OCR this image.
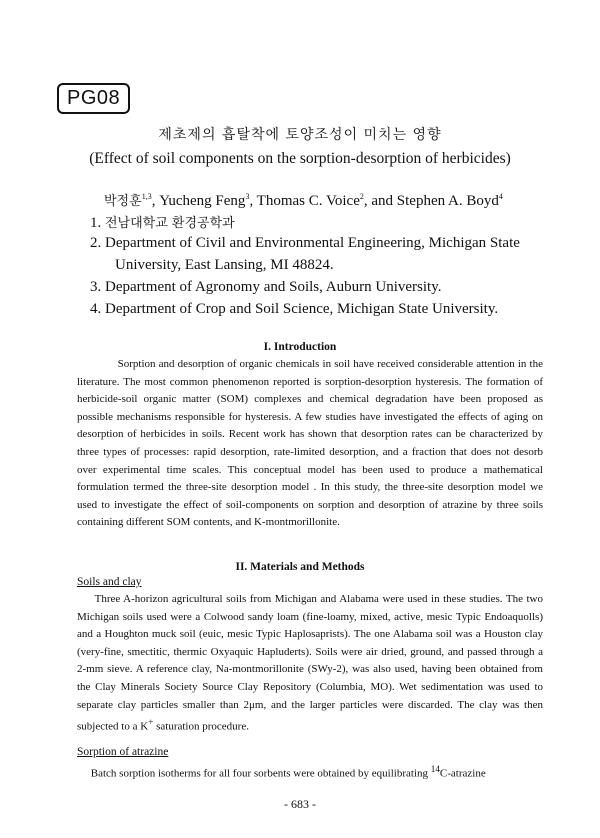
PG08
제초제의 흡탈착에 토양조성이 미치는 영향
(Effect of soil components on the sorption-desorption of herbicides)
박정훈$^{1,3}$, Yucheng Feng$^3$, Thomas C. Voice$^2$, and Stephen A. Boyd$^4$
1. 전남대학교 환경공학과
2. Department of Civil and Environmental Engineering, Michigan State
University, East Lansing, MI 48824.
3. Department of Agronomy and Soils, Auburn University.
4. Department of Crop and Soil Science, Michigan State University.
I. Introduction

Sorption and desorption of organic chemicals in soil have received considerable attention in the literature. The most common phenomenon reported is sorption-desorption hysteresis. The formation of herbicide-soil organic matter (SOM) complexes and chemical degradation have been proposed as possible mechanisms responsible for hysteresis. A few studies have investigated the effects of aging on desorption of herbicides in soils. Recent work has shown that desorption rates can be characterized by three types of processes: rapid desorption, rate-limited desorption, and a fraction that does not desorb over experimental time scales. This conceptual model has been used to produce a mathematical formulation termed the three-site desorption model . In this study, the three-site desorption model we used to investigate the effect of soil-components on sorption and desorption of atrazine by three soils containing different SOM contents, and K-montmorillonite.

II. Materials and Methods
Soils and clay

Three A-horizon agricultural soils from Michigan and Alabama were used in these studies. The two Michigan soils used were a Colwood sandy loam (fine-loamy, mixed, active, mesic Typic Endoaquolls) and a Houghton muck soil (euic, mesic Typic Haplosaprists). The one Alabama soil was a Houston clay (very-fine, smectitic, thermic Oxyaquic Hapluderts). Soils were air dried, ground, and passed through a 2-mm sieve. A reference clay, Na-montmorillonite (SWy-2), was also used, having been obtained from the Clay Minerals Society Source Clay Repository (Columbia, MO). Wet sedimentation was used to separate clay particles smaller than 2μm, and the larger particles were discarded. The clay was then subjected to a K+ saturation procedure.

Sorption of atrazine

Batch sorption isotherms for all four sorbents were obtained by equilibrating $^{14}$C-atrazine

- 683 -
